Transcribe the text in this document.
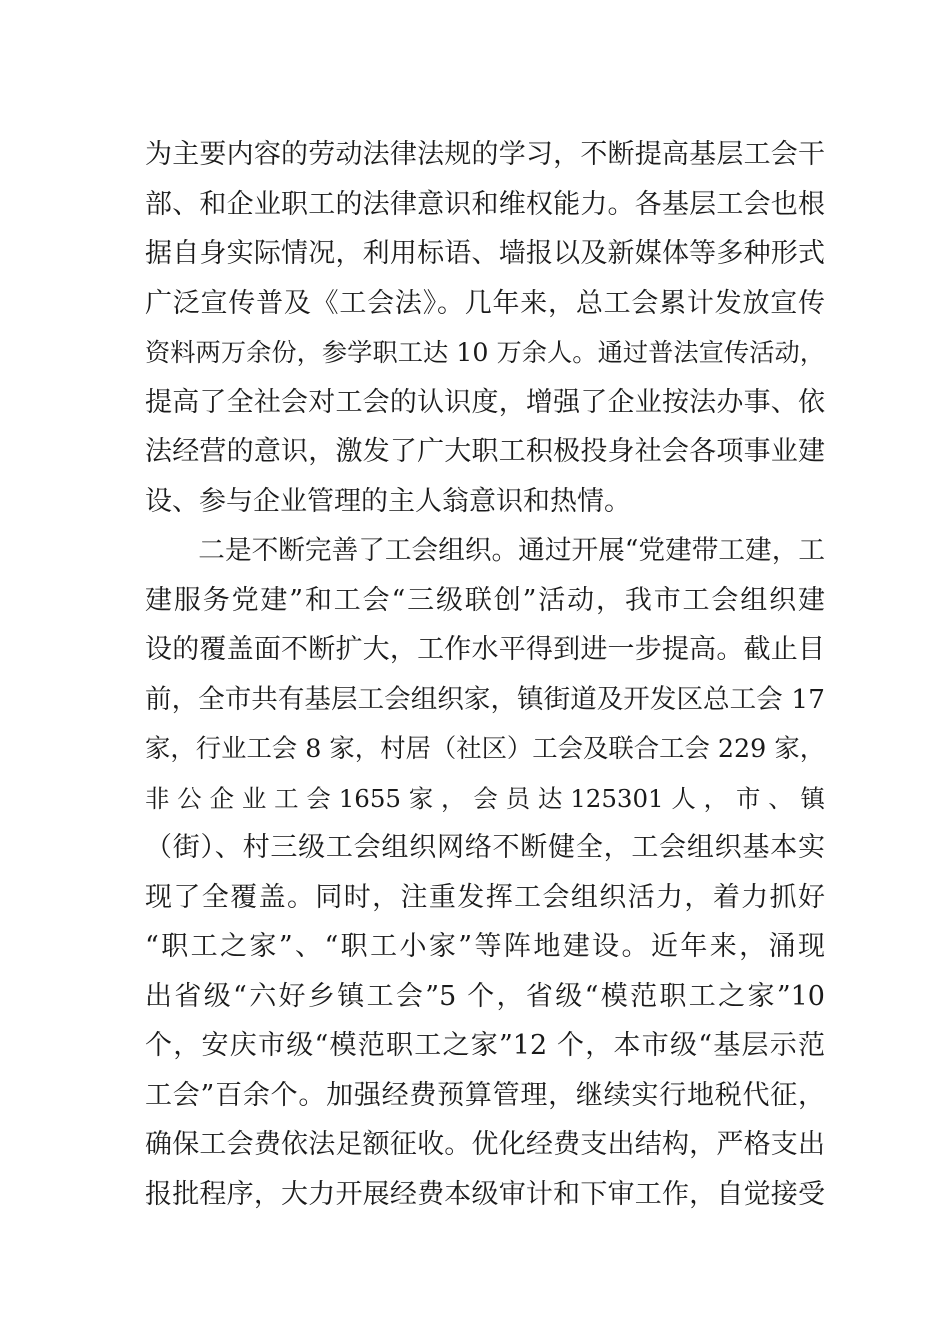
为主要内容的劳动法律法规的学习，不断提高基层工会干
部、和企业职工的法律意识和维权能力。各基层工会也根
据自身实际情况，利用标语、墙报以及新媒体等多种形式
广泛宣传普及《工会法》。几年来，总工会累计发放宣传
资料两万余份，参学职工达 10 万余人。通过普法宣传活动，
提高了全社会对工会的认识度，增强了企业按法办事、依
法经营的意识，激发了广大职工积极投身社会各项事业建
设、参与企业管理的主人翁意识和热情。
　　二是不断完善了工会组织。通过开展“党建带工建，工
建服务党建”和工会“三级联创”活动，我市工会组织建
设的覆盖面不断扩大，工作水平得到进一步提高。截止目
前，全市共有基层工会组织家，镇街道及开发区总工会 17
家，行业工会 8 家，村居（社区）工会及联合工会 229 家，
非 公 企 业 工 会 1655 家 ， 会 员 达 125301 人 ， 市 、 镇
（街）、村三级工会组织网络不断健全，工会组织基本实
现了全覆盖。同时，注重发挥工会组织活力，着力抓好
“职工之家”、“职工小家”等阵地建设。近年来，涌现
出省级“六好乡镇工会”5 个，省级“模范职工之家”10
个，安庆市级“模范职工之家”12 个，本市级“基层示范
工会”百余个。加强经费预算管理，继续实行地税代征，
确保工会费依法足额征收。优化经费支出结构，严格支出
报批程序，大力开展经费本级审计和下审工作，自觉接受
